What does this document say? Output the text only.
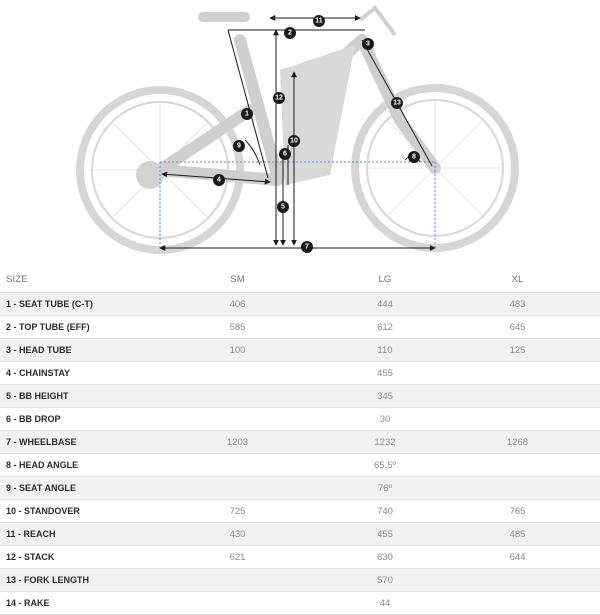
1
2
3
4
5
6
7
8
9
10
11
12
13
SIZE	SM	LG	XL
1 - SEAT TUBE (C-T)	406	444	483
2 - TOP TUBE (EFF)	585	612	645
3 - HEAD TUBE	100	110	125
4 - CHAINSTAY		455	
5 - BB HEIGHT		345	
6 - BB DROP		30	
7 - WHEELBASE	1203	1232	1268
8 - HEAD ANGLE		65,5º	
9 - SEAT ANGLE		76º	
10 - STANDOVER	725	740	765
11 - REACH	430	455	485
12 - STACK	621	630	644
13 - FORK LENGTH		570	
14 - RAKE		44	
